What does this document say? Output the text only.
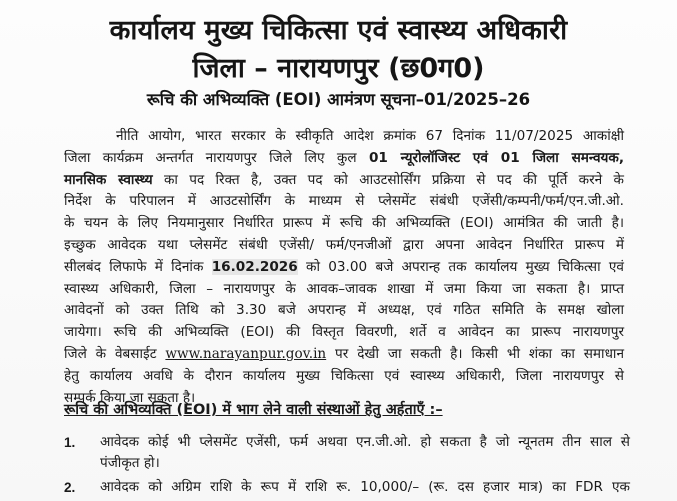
कार्यालय मुख्य चिकित्सा एवं स्वास्थ्य अधिकारी
जिला – नारायणपुर (छ0ग0)
रूचि की अभिव्यक्ति (EOI) आमंत्रण सूचना–01/2025–26
नीति आयोग, भारत सरकार के स्वीकृति आदेश क्रमांक 67 दिनांक 11/07/2025 आकांक्षी
जिला कार्यक्रम अन्तर्गत नारायणपुर जिले लिए कुल 01 न्यूरोलॉजिस्ट एवं 01 जिला समन्वयक,
मानसिक स्वास्थ्य का पद रिक्त है, उक्त पद को आउटसोर्सिंग प्रक्रिया से पद की पूर्ति करने के
निर्देश के परिपालन में आउटसोर्सिंग के माध्यम से प्लेसमेंट संबंधी एजेंसी/कम्पनी/फर्म/एन.जी.ओ.
के चयन के लिए नियमानुसार निर्धारित प्रारूप में रूचि की अभिव्यक्ति (EOI) आमंत्रित की जाती है।
इच्छुक आवेदक यथा प्लेसमेंट संबंधी एजेंसी/ फर्म/एनजीओं द्वारा अपना आवेदन निर्धारित प्रारूप में
सीलबंद लिफाफे में दिनांक 16.02.2026 को 03.00 बजे अपरान्ह तक कार्यालय मुख्य चिकित्सा एवं
स्वास्थ्य अधिकारी, जिला – नारायणपुर के आवक–जावक शाखा में जमा किया जा सकता है। प्राप्त
आवेदनों को उक्त तिथि को 3.30 बजे अपरान्ह में अध्यक्ष, एवं गठित समिति के समक्ष खोला
जायेगा। रूचि की अभिव्यक्ति (EOI) की विस्तृत विवरणी, शर्ते व आवेदन का प्रारूप नारायणपुर
जिले के वेबसाईट www.narayanpur.gov.in पर देखी जा सकती है। किसी भी शंका का समाधान
हेतु कार्यालय अवधि के दौरान कार्यालय मुख्य चिकित्सा एवं स्वास्थ्य अधिकारी, जिला नारायणपुर से
सम्पर्क किया जा सकता है।
रूचि की अभिव्यक्ति (EOI) में भाग लेने वाली संस्थाओं हेतु अर्हताएँ :–
1. आवेदक कोई भी प्लेसमेंट एजेंसी, फर्म अथवा एन.जी.ओ. हो सकता है जो न्यूनतम तीन साल से
पंजीकृत हो।
2. आवेदक को अग्रिम राशि के रूप में राशि रू. 10,000/– (रू. दस हजार मात्र) का FDR एक
